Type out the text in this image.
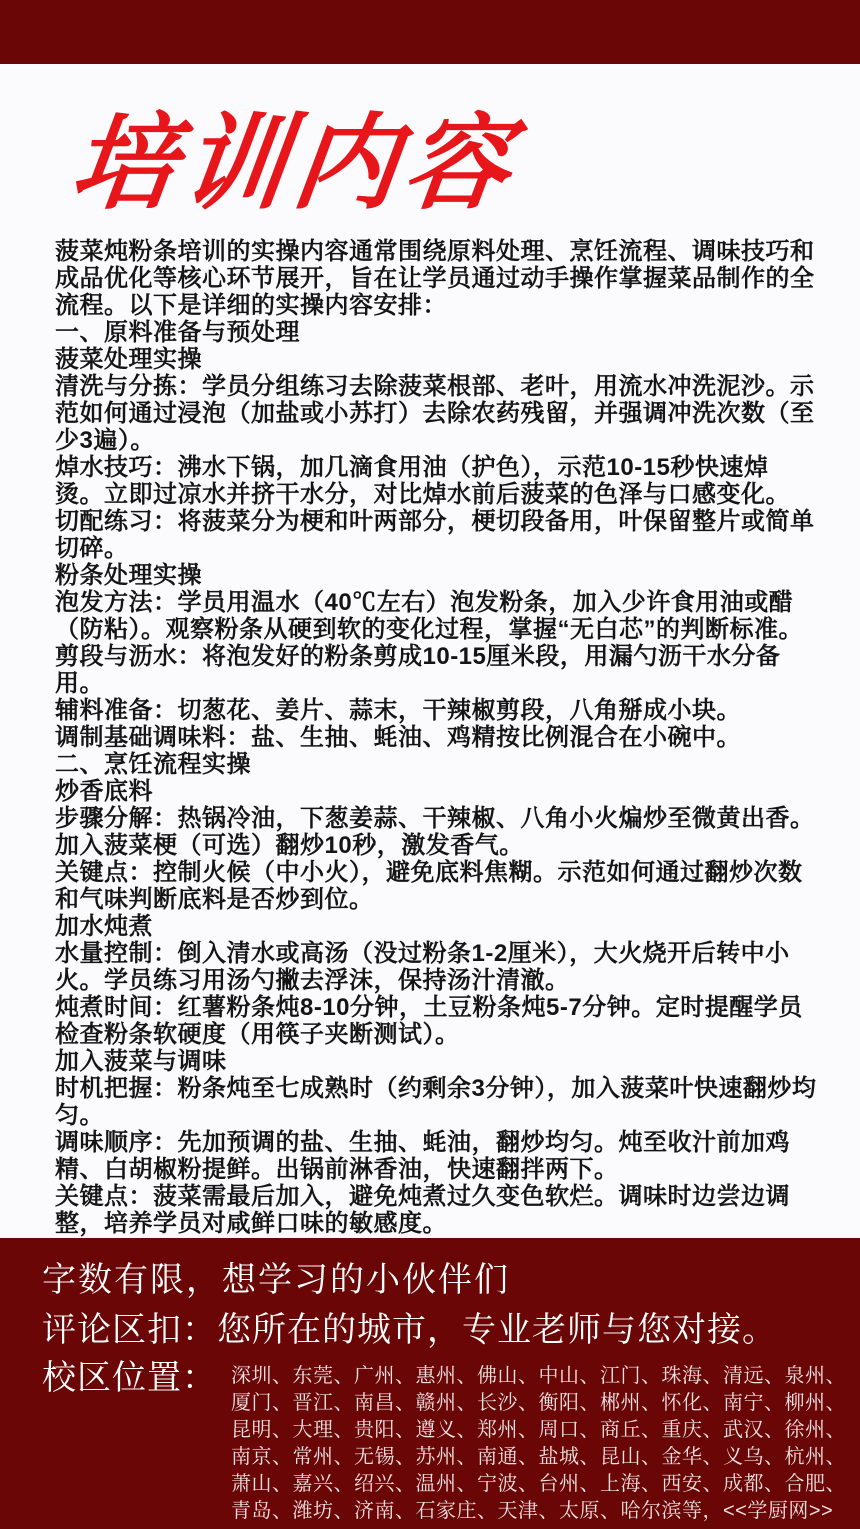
培训内容

菠菜炖粉条培训的实操内容通常围绕原料处理、烹饪流程、调味技巧和成品优化等核心环节展开，旨在让学员通过动手操作掌握菜品制作的全流程。以下是详细的实操内容安排：

一、原料准备与预处理

菠菜处理实操

清洗与分拣：学员分组练习去除菠菜根部、老叶，用流水冲洗泥沙。示范如何通过浸泡（加盐或小苏打）去除农药残留，并强调冲洗次数（至少3遍）。

焯水技巧：沸水下锅，加几滴食用油（护色），示范10-15秒快速焯烫。立即过凉水并挤干水分，对比焯水前后菠菜的色泽与口感变化。

切配练习：将菠菜分为梗和叶两部分，梗切段备用，叶保留整片或简单切碎。

粉条处理实操

泡发方法：学员用温水（40℃左右）泡发粉条，加入少许食用油或醋（防粘）。观察粉条从硬到软的变化过程，掌握“无白芯”的判断标准。

剪段与沥水：将泡发好的粉条剪成10-15厘米段，用漏勺沥干水分备用。

辅料准备：切葱花、姜片、蒜末，干辣椒剪段，八角掰成小块。

调制基础调味料：盐、生抽、蚝油、鸡精按比例混合在小碗中。

二、烹饪流程实操

炒香底料

步骤分解：热锅冷油，下葱姜蒜、干辣椒、八角小火煸炒至微黄出香。加入菠菜梗（可选）翻炒10秒，激发香气。

关键点：控制火候（中小火），避免底料焦糊。示范如何通过翻炒次数和气味判断底料是否炒到位。

加水炖煮

水量控制：倒入清水或高汤（没过粉条1-2厘米），大火烧开后转中小火。学员练习用汤勺撇去浮沫，保持汤汁清澈。

炖煮时间：红薯粉条炖8-10分钟，土豆粉条炖5-7分钟。定时提醒学员检查粉条软硬度（用筷子夹断测试）。

加入菠菜与调味

时机把握：粉条炖至七成熟时（约剩余3分钟），加入菠菜叶快速翻炒均匀。

调味顺序：先加预调的盐、生抽、蚝油，翻炒均匀。炖至收汁前加鸡精、白胡椒粉提鲜。出锅前淋香油，快速翻拌两下。

关键点：菠菜需最后加入，避免炖煮过久变色软烂。调味时边尝边调整，培养学员对咸鲜口味的敏感度。

字数有限，想学习的小伙伴们
评论区扣：您所在的城市，专业老师与您对接。
校区位置： 深圳、东莞、广州、惠州、佛山、中山、江门、珠海、清远、泉州、
厦门、晋江、南昌、赣州、长沙、衡阳、郴州、怀化、南宁、柳州、
昆明、大理、贵阳、遵义、郑州、周口、商丘、重庆、武汉、徐州、
南京、常州、无锡、苏州、南通、盐城、昆山、金华、义乌、杭州、
萧山、嘉兴、绍兴、温州、宁波、台州、上海、西安、成都、合肥、
青岛、潍坊、济南、石家庄、天津、太原、哈尔滨等，<<学厨网>>
